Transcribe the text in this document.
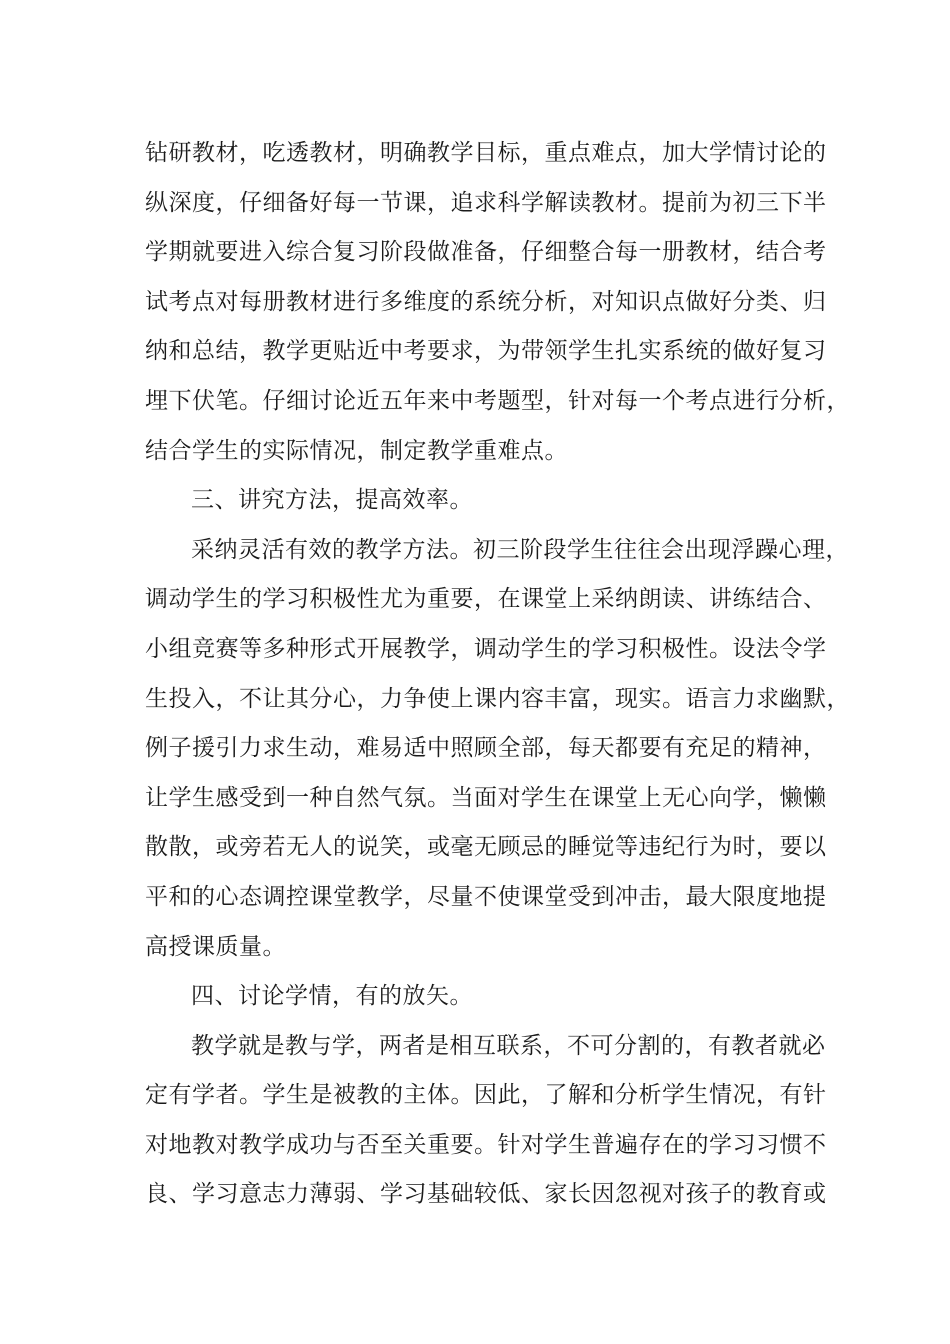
钻研教材，吃透教材，明确教学目标，重点难点，加大学情讨论的
纵深度，仔细备好每一节课，追求科学解读教材。提前为初三下半
学期就要进入综合复习阶段做准备，仔细整合每一册教材，结合考
试考点对每册教材进行多维度的系统分析，对知识点做好分类、归
纳和总结，教学更贴近中考要求，为带领学生扎实系统的做好复习
埋下伏笔。仔细讨论近五年来中考题型，针对每一个考点进行分析，
结合学生的实际情况，制定教学重难点。
三、讲究方法，提高效率。
采纳灵活有效的教学方法。初三阶段学生往往会出现浮躁心理，
调动学生的学习积极性尤为重要，在课堂上采纳朗读、讲练结合、
小组竞赛等多种形式开展教学，调动学生的学习积极性。设法令学
生投入，不让其分心，力争使上课内容丰富，现实。语言力求幽默，
例子援引力求生动，难易适中照顾全部，每天都要有充足的精神，
让学生感受到一种自然气氛。当面对学生在课堂上无心向学，懒懒
散散，或旁若无人的说笑，或毫无顾忌的睡觉等违纪行为时，要以
平和的心态调控课堂教学，尽量不使课堂受到冲击，最大限度地提
高授课质量。
四、讨论学情，有的放矢。
教学就是教与学，两者是相互联系，不可分割的，有教者就必
定有学者。学生是被教的主体。因此，了解和分析学生情况，有针
对地教对教学成功与否至关重要。针对学生普遍存在的学习习惯不
良、学习意志力薄弱、学习基础较低、家长因忽视对孩子的教育或
